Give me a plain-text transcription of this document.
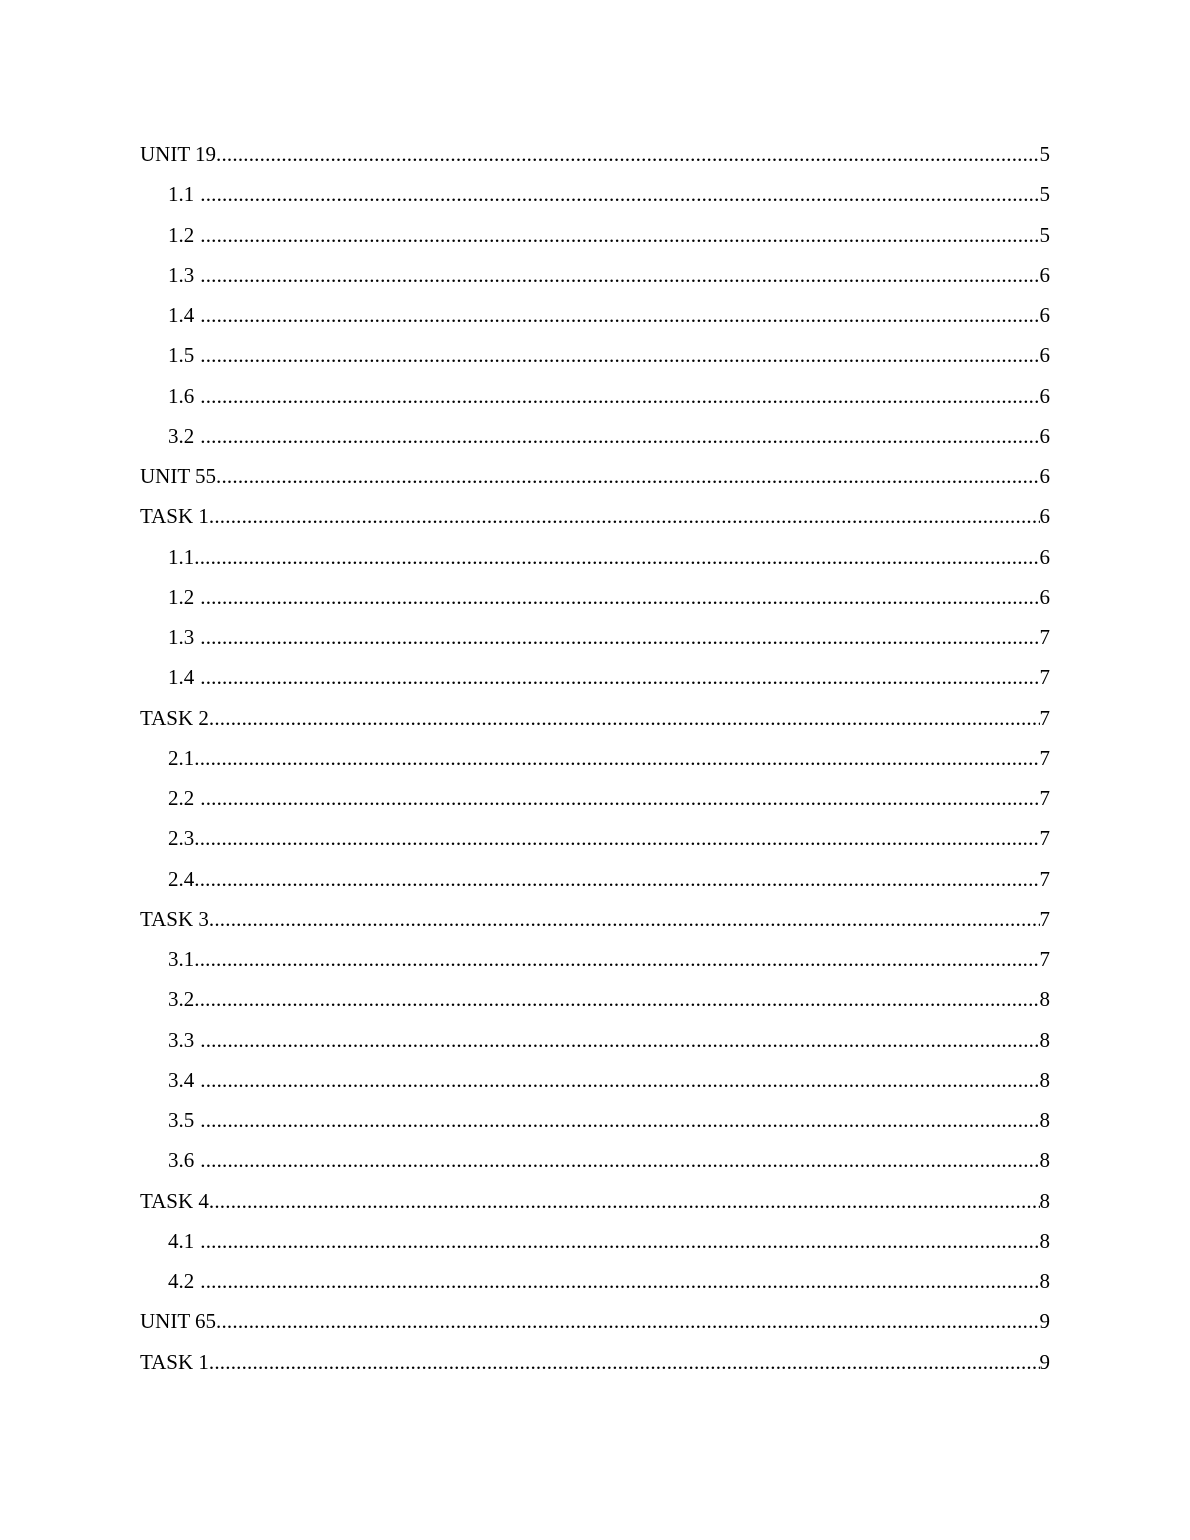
UNIT 19 .....	5
1.1 .....	5
1.2 .....	5
1.3 .....	6
1.4 .....	6
1.5 .....	6
1.6 .....	6
3.2 .....	6
UNIT 55 .....	6
TASK 1 .....	6
1.1 .....	6
1.2 .....	6
1.3 .....	7
1.4 .....	7
TASK 2 .....	7
2.1 .....	7
2.2 .....	7
2.3 .....	7
2.4 .....	7
TASK 3 .....	7
3.1 .....	7
3.2 .....	8
3.3 .....	8
3.4 .....	8
3.5 .....	8
3.6 .....	8
TASK 4 .....	8
4.1 .....	8
4.2 .....	8
UNIT 65 .....	9
TASK 1 .....	9
